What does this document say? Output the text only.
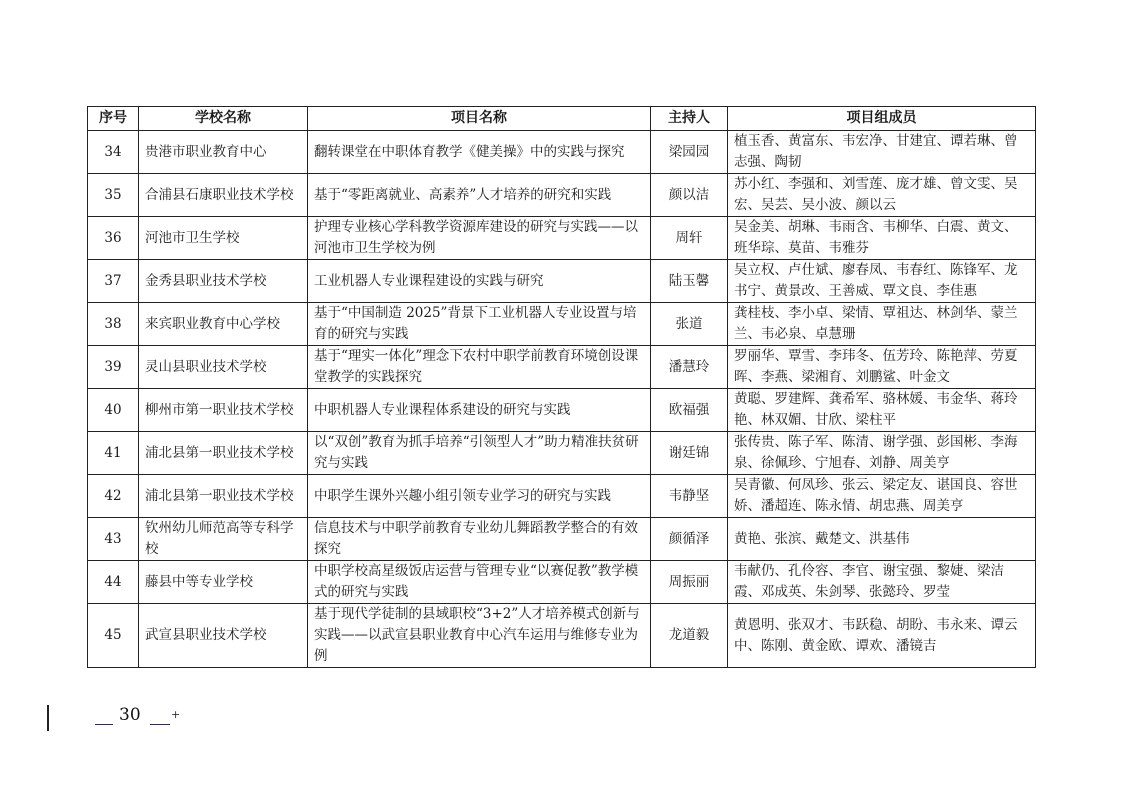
序号	学校名称	项目名称	主持人	项目组成员
34	贵港市职业教育中心	翻转课堂在中职体育教学《健美操》中的实践与探究	梁园园	植玉香、黄富东、韦宏净、甘建宜、谭若琳、曾志强、陶韧

35	合浦县石康职业技术学校	基于“零距离就业、高素养”人才培养的研究和实践	颜以洁	苏小红、李强和、刘雪莲、庞才雄、曾文雯、吴宏、吴芸、吴小波、颜以云

36	河池市卫生学校	护理专业核心学科教学资源库建设的研究与实践——以河池市卫生学校为例	周轩	吴金美、胡琳、韦雨含、韦柳华、白震、黄文、班华琮、莫苗、韦雅芬

37	金秀县职业技术学校	工业机器人专业课程建设的实践与研究	陆玉馨	吴立权、卢仕斌、廖春凤、韦春红、陈锋军、龙书宁、黄景改、王善威、覃文良、李佳惠

38	来宾职业教育中心学校	基于“中国制造 2025”背景下工业机器人专业设置与培育的研究与实践	张道	龚桂枝、李小卓、梁情、覃祖达、林剑华、蒙兰兰、韦必泉、卓慧珊

39	灵山县职业技术学校	基于“理实一体化”理念下农村中职学前教育环境创设课堂教学的实践探究	潘慧玲	罗丽华、覃雪、李玮冬、伍芳玲、陈艳萍、劳夏晖、李燕、梁湘育、刘鹏鲨、叶金文

40	柳州市第一职业技术学校	中职机器人专业课程体系建设的研究与实践	欧福强	黄聪、罗建辉、龚希军、骆林媛、韦金华、蒋玲艳、林双媚、甘欣、梁柱平

41	浦北县第一职业技术学校	以“双创”教育为抓手培养“引领型人才”助力精准扶贫研究与实践	谢廷锦	张传贵、陈子军、陈清、谢学强、彭国彬、李海泉、徐佩珍、宁旭春、刘静、周美亨

42	浦北县第一职业技术学校	中职学生课外兴趣小组引领专业学习的研究与实践	韦静坚	吴青徽、何凤珍、张云、梁定友、谌国良、容世娇、潘超连、陈永情、胡忠燕、周美亨

43	钦州幼儿师范高等专科学校	信息技术与中职学前教育专业幼儿舞蹈教学整合的有效探究	颜循泽	黄艳、张滨、戴楚文、洪基伟

44	藤县中等专业学校	中职学校高星级饭店运营与管理专业“以赛促教”教学模式的研究与实践	周振丽	韦献仍、孔伶容、李官、谢宝强、黎婕、梁洁霞、邓成英、朱剑琴、张懿玲、罗莹

45	武宣县职业技术学校	基于现代学徒制的县域职校“3+2”人才培养模式创新与实践——以武宣县职业教育中心汽车运用与维修专业为例	龙道毅	黄恩明、张双才、韦跃稳、胡盼、韦永来、谭云中、陈刚、黄金欧、谭欢、潘镜吉
30	+
